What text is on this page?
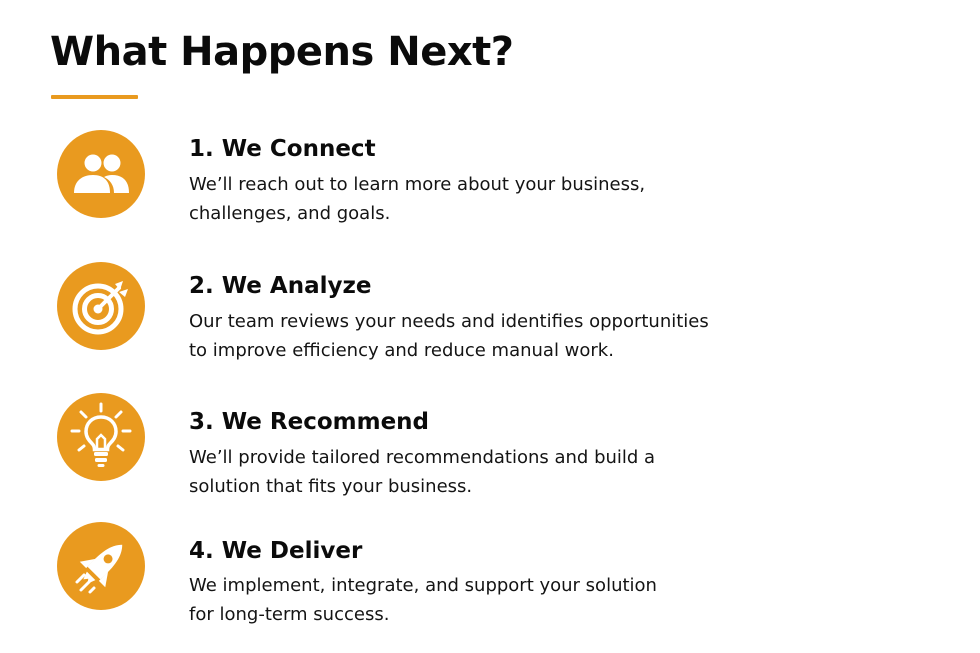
What Happens Next?
1. We Connect

We’ll reach out to learn more about your business,
challenges, and goals.

2. We Analyze

Our team reviews your needs and identifies opportunities
to improve efficiency and reduce manual work.

3. We Recommend

We’ll provide tailored recommendations and build a
solution that fits your business.

4. We Deliver

We implement, integrate, and support your solution
for long-term success.
